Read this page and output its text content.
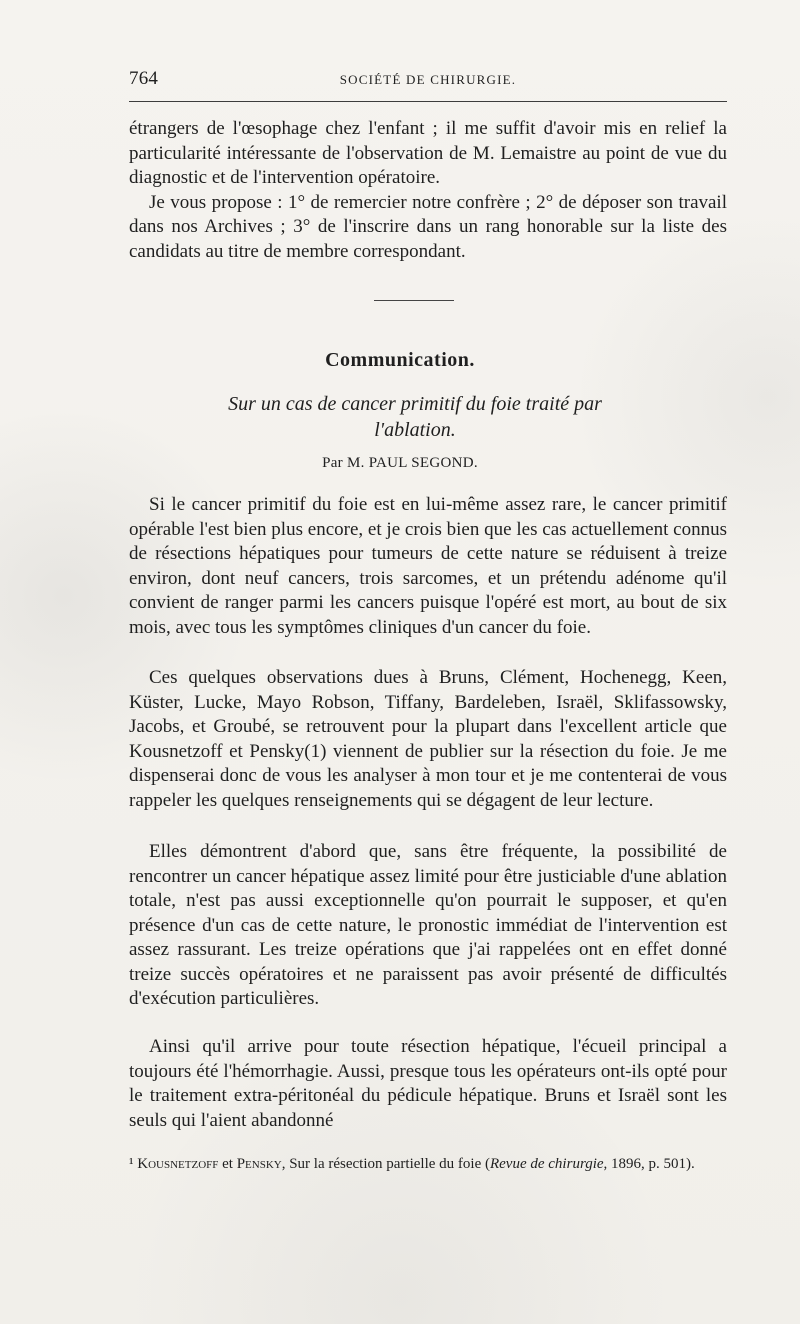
764	SOCIÉTÉ DE CHIRURGIE.

étrangers de l'œsophage chez l'enfant ; il me suffit d'avoir mis en relief la particularité intéressante de l'observation de M. Lemaistre au point de vue du diagnostic et de l'intervention opératoire.

Je vous propose : 1° de remercier notre confrère ; 2° de déposer son travail dans nos Archives ; 3° de l'inscrire dans un rang honorable sur la liste des candidats au titre de membre correspondant.

Communication.
Sur un cas de cancer primitif du foie traité par
l'ablation.
Par M. PAUL SEGOND.

Si le cancer primitif du foie est en lui-même assez rare, le cancer primitif opérable l'est bien plus encore, et je crois bien que les cas actuellement connus de résections hépatiques pour tumeurs de cette nature se réduisent à treize environ, dont neuf cancers, trois sarcomes, et un prétendu adénome qu'il convient de ranger parmi les cancers puisque l'opéré est mort, au bout de six mois, avec tous les symptômes cliniques d'un cancer du foie.

Ces quelques observations dues à Bruns, Clément, Hochenegg, Keen, Küster, Lucke, Mayo Robson, Tiffany, Bardeleben, Israël, Sklifassowsky, Jacobs, et Groubé, se retrouvent pour la plupart dans l'excellent article que Kousnetzoff et Pensky(1) viennent de publier sur la résection du foie. Je me dispenserai donc de vous les analyser à mon tour et je me contenterai de vous rappeler les quelques renseignements qui se dégagent de leur lecture.

Elles démontrent d'abord que, sans être fréquente, la possibilité de rencontrer un cancer hépatique assez limité pour être justiciable d'une ablation totale, n'est pas aussi exceptionnelle qu'on pourrait le supposer, et qu'en présence d'un cas de cette nature, le pronostic immédiat de l'intervention est assez rassurant. Les treize opérations que j'ai rappelées ont en effet donné treize succès opératoires et ne paraissent pas avoir présenté de difficultés d'exécution particulières.

Ainsi qu'il arrive pour toute résection hépatique, l'écueil principal a toujours été l'hémorrhagie. Aussi, presque tous les opérateurs ont-ils opté pour le traitement extra-péritonéal du pédicule hépatique. Bruns et Israël sont les seuls qui l'aient abandonné

¹ Kousnetzoff et Pensky, Sur la résection partielle du foie (Revue de chirurgie, 1896, p. 501).
